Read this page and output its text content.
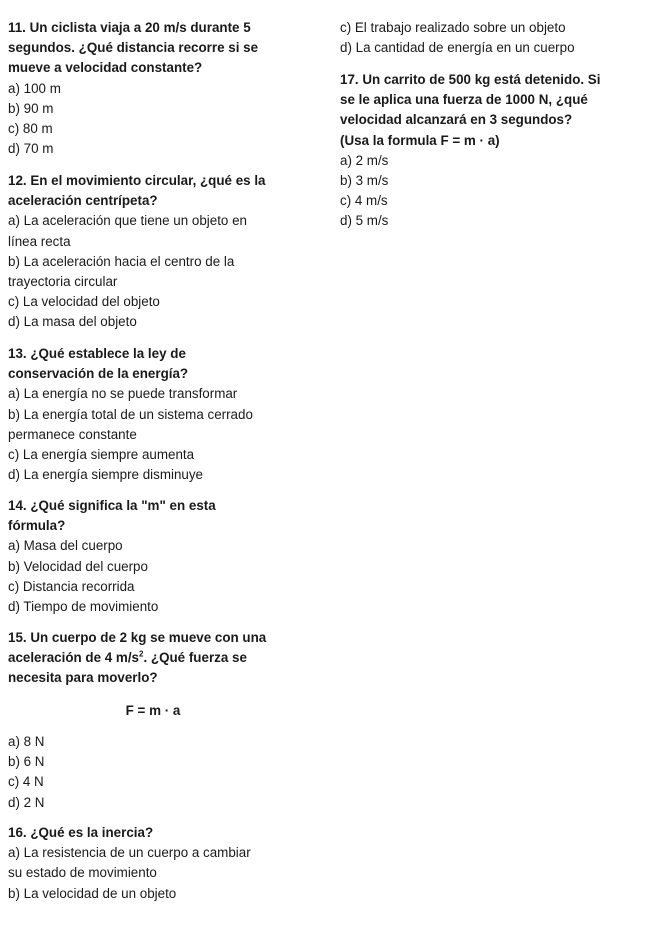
11. Un ciclista viaja a 20 m/s durante 5

segundos. ¿Qué distancia recorre si se

mueve a velocidad constante?

a) 100 m

b) 90 m

c) 80 m

d) 70 m

12. En el movimiento circular, ¿qué es la

aceleración centrípeta?

a) La aceleración que tiene un objeto en

línea recta

b) La aceleración hacia el centro de la

trayectoria circular

c) La velocidad del objeto

d) La masa del objeto

13. ¿Qué establece la ley de

conservación de la energía?

a) La energía no se puede transformar

b) La energía total de un sistema cerrado

permanece constante

c) La energía siempre aumenta

d) La energía siempre disminuye

14. ¿Qué significa la "m" en esta

fórmula?

a) Masa del cuerpo

b) Velocidad del cuerpo

c) Distancia recorrida

d) Tiempo de movimiento

15. Un cuerpo de 2 kg se mueve con una

aceleración de 4 $m/s^2$. ¿Qué fuerza se

necesita para moverlo?

F = m · a

a) 8 N

b) 6 N

c) 4 N

d) 2 N

16. ¿Qué es la inercia?

a) La resistencia de un cuerpo a cambiar

su estado de movimiento

b) La velocidad de un objeto

c) El trabajo realizado sobre un objeto

d) La cantidad de energía en un cuerpo

17. Un carrito de 500 kg está detenido. Si

se le aplica una fuerza de 1000 N, ¿qué

velocidad alcanzará en 3 segundos?

(Usa la formula F = m · a)

a) 2 m/s

b) 3 m/s

c) 4 m/s

d) 5 m/s
